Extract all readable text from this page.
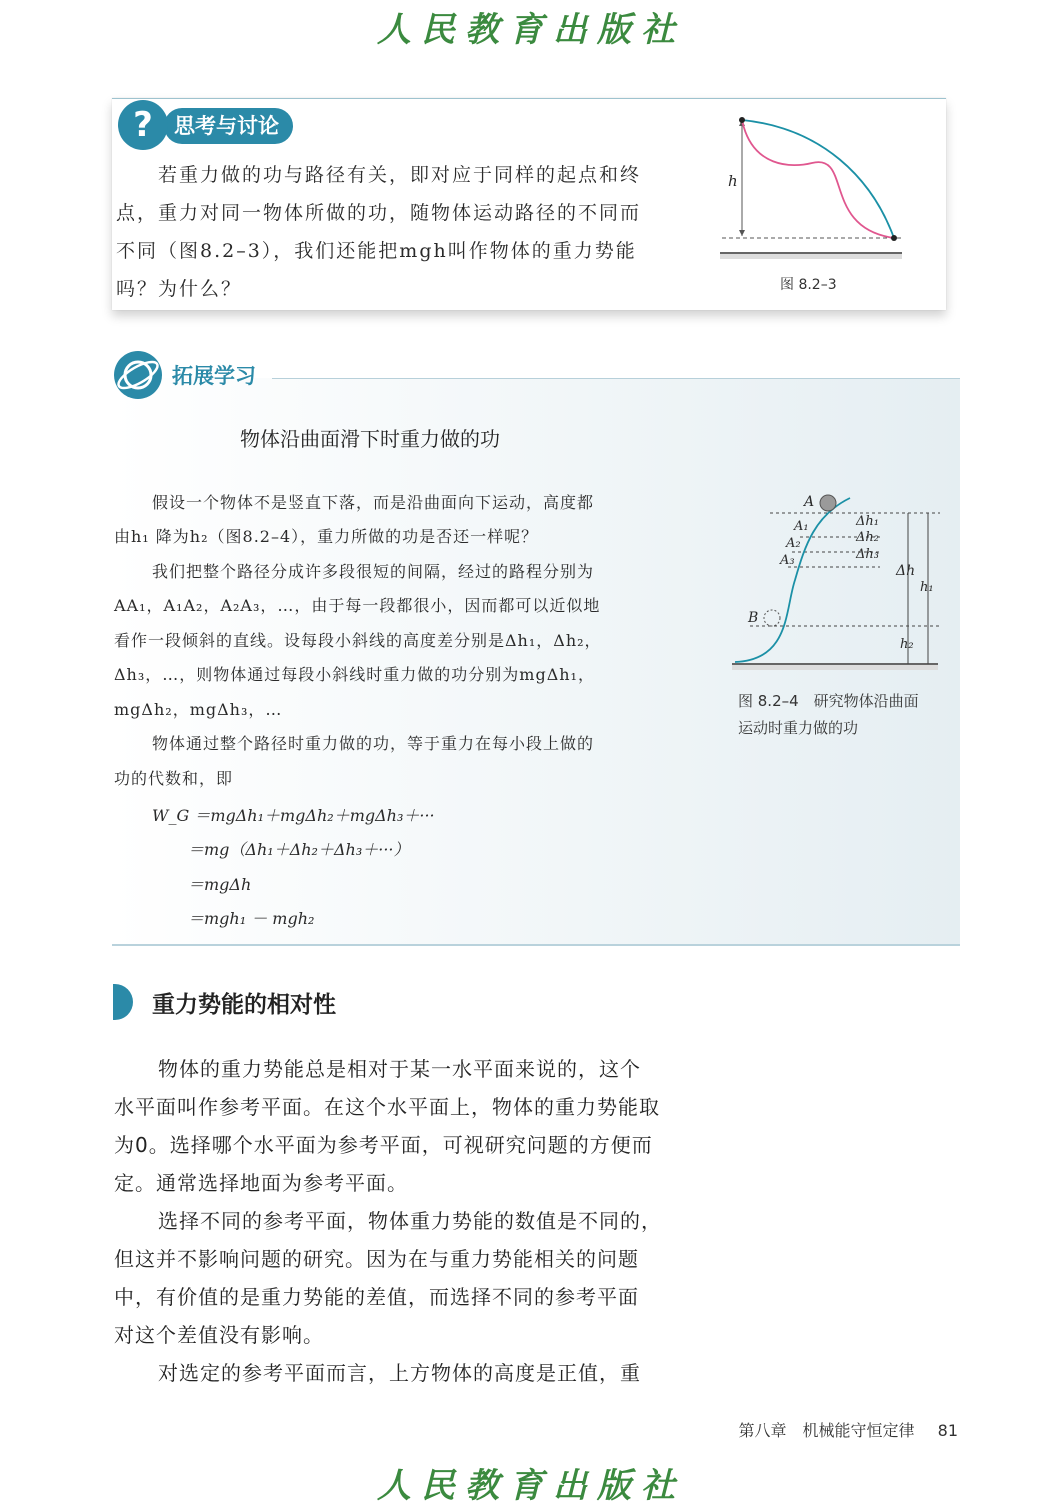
人民教育出版社
思考与讨论
?
若重力做的功与路径有关，即对应于同样的起点和终
点，重力对同一物体所做的功，随物体运动路径的不同而
不同（图8.2–3），我们还能把mgh叫作物体的重力势能
吗？为什么？
h
图 8.2–3
拓展学习
物体沿曲面滑下时重力做的功
假设一个物体不是竖直下落，而是沿曲面向下运动，高度都
由h₁ 降为h₂（图8.2–4），重力所做的功是否还一样呢？
我们把整个路径分成许多段很短的间隔，经过的路程分别为
AA₁，A₁A₂，A₂A₃，…，由于每一段都很小，因而都可以近似地
看作一段倾斜的直线。设每段小斜线的高度差分别是Δh₁，Δh₂，
Δh₃，…，则物体通过每段小斜线时重力做的功分别为mgΔh₁，
mgΔh₂，mgΔh₃，…
物体通过整个路径时重力做的功，等于重力在每小段上做的
功的代数和，即
W_G ＝mgΔh₁＋mgΔh₂＋mgΔh₃＋···
＝mg（Δh₁＋Δh₂＋Δh₃＋···）
＝mgΔh
＝mgh₁ － mgh₂
A
A₁
A₂
A₃
B
Δh₁
Δh₂
Δh₃
Δh
h₁
h₂
图 8.2–4　研究物体沿曲面
运动时重力做的功
重力势能的相对性
物体的重力势能总是相对于某一水平面来说的，这个
水平面叫作参考平面。在这个水平面上，物体的重力势能取
为0。选择哪个水平面为参考平面，可视研究问题的方便而
定。通常选择地面为参考平面。
选择不同的参考平面，物体重力势能的数值是不同的，
但这并不影响问题的研究。因为在与重力势能相关的问题
中，有价值的是重力势能的差值，而选择不同的参考平面
对这个差值没有影响。
对选定的参考平面而言，上方物体的高度是正值，重
第八章　机械能守恒定律 81
人民教育出版社
